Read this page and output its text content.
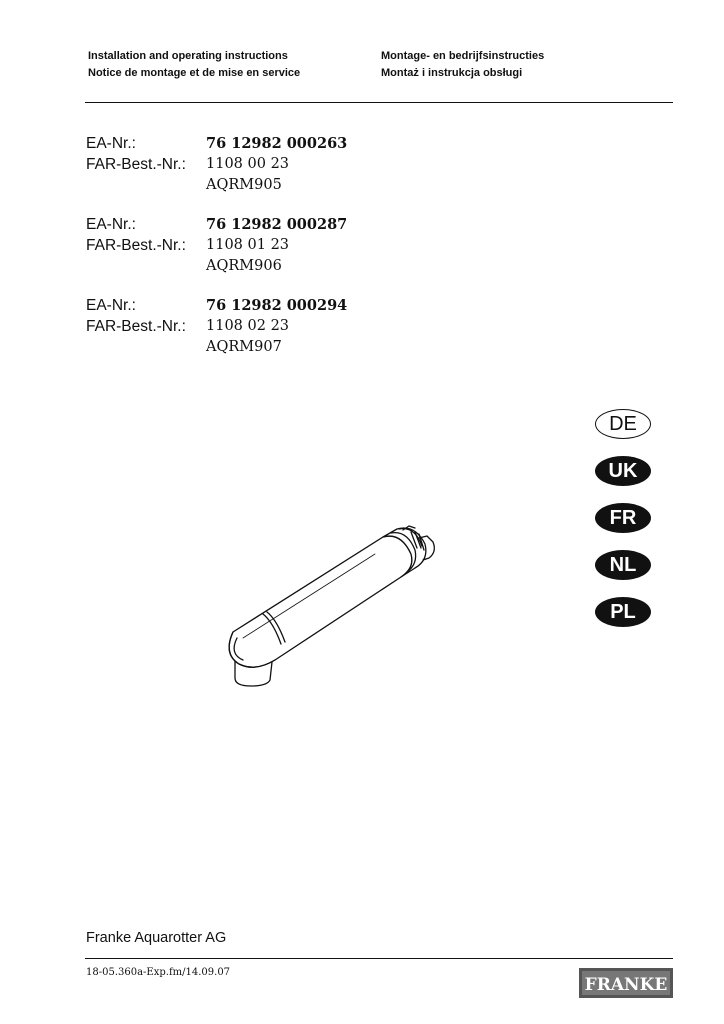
Installation and operating instructions
Notice de montage et de mise en service
Montage- en bedrijfsinstructies
Montaż i instrukcja obsługi
EA-Nr.:	76 12982 000263
FAR-Best.-Nr.: 1108 00 23
AQRM905
EA-Nr.:	76 12982 000287
FAR-Best.-Nr.: 1108 01 23
AQRM906
EA-Nr.:	76 12982 000294
FAR-Best.-Nr.: 1108 02 23
AQRM907
DE
UK
FR
NL
PL
Franke Aquarotter AG
18-05.360a-Exp.fm/14.09.07
FRANKE
